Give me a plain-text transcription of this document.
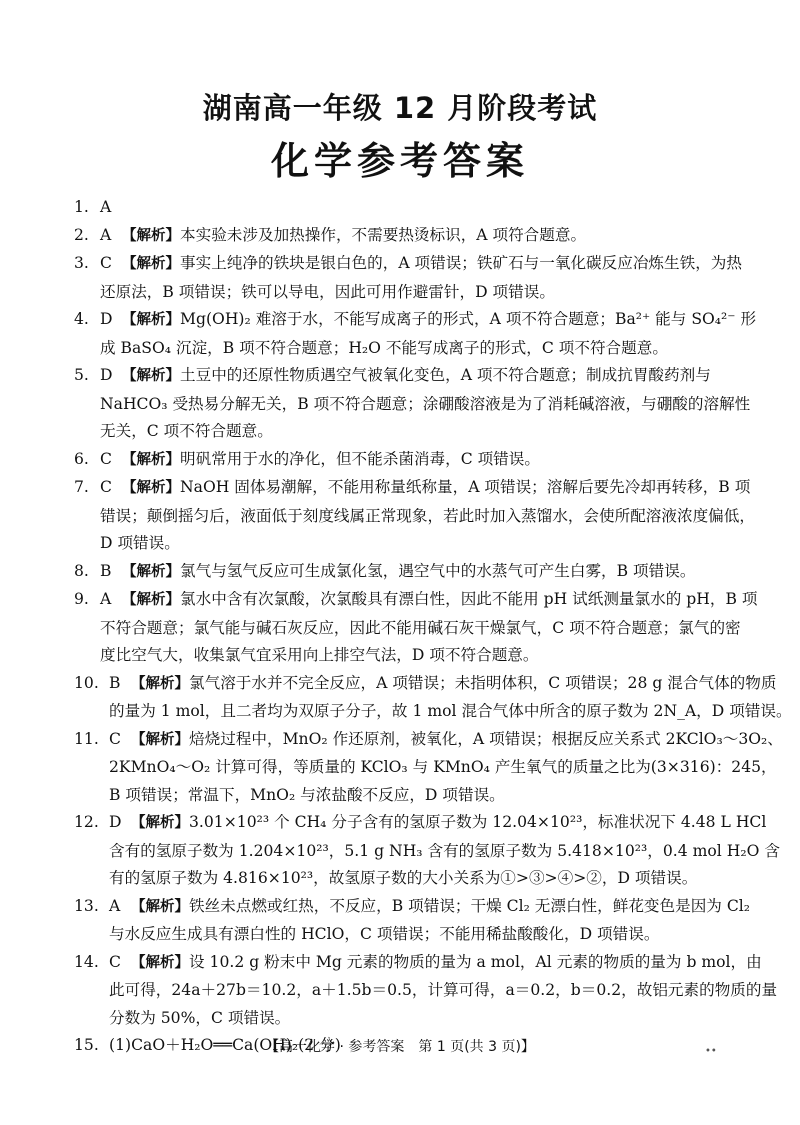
湖南高一年级 12 月阶段考试
化学参考答案
1. A
2. A 【解析】本实验未涉及加热操作，不需要热烫标识，A 项符合题意。
3. C 【解析】事实上纯净的铁块是银白色的，A 项错误；铁矿石与一氧化碳反应冶炼生铁，为热
还原法，B 项错误；铁可以导电，因此可用作避雷针，D 项错误。
4. D 【解析】Mg(OH)₂ 难溶于水，不能写成离子的形式，A 项不符合题意；Ba²⁺ 能与 SO₄²⁻ 形
成 BaSO₄ 沉淀，B 项不符合题意；H₂O 不能写成离子的形式，C 项不符合题意。
5. D 【解析】土豆中的还原性物质遇空气被氧化变色，A 项不符合题意；制成抗胃酸药剂与
NaHCO₃ 受热易分解无关，B 项不符合题意；涂硼酸溶液是为了消耗碱溶液，与硼酸的溶解性
无关，C 项不符合题意。
6. C 【解析】明矾常用于水的净化，但不能杀菌消毒，C 项错误。
7. C 【解析】NaOH 固体易潮解，不能用称量纸称量，A 项错误；溶解后要先冷却再转移，B 项
错误；颠倒摇匀后，液面低于刻度线属正常现象，若此时加入蒸馏水，会使所配溶液浓度偏低，
D 项错误。
8. B 【解析】氯气与氢气反应可生成氯化氢，遇空气中的水蒸气可产生白雾，B 项错误。
9. A 【解析】氯水中含有次氯酸，次氯酸具有漂白性，因此不能用 pH 试纸测量氯水的 pH，B 项
不符合题意；氯气能与碱石灰反应，因此不能用碱石灰干燥氯气，C 项不符合题意；氯气的密
度比空气大，收集氯气宜采用向上排空气法，D 项不符合题意。
10. B 【解析】氯气溶于水并不完全反应，A 项错误；未指明体积，C 项错误；28 g 混合气体的物质
的量为 1 mol，且二者均为双原子分子，故 1 mol 混合气体中所含的原子数为 2N_A，D 项错误。
11. C 【解析】焙烧过程中，MnO₂ 作还原剂，被氧化，A 项错误；根据反应关系式 2KClO₃～3O₂、
2KMnO₄～O₂ 计算可得，等质量的 KClO₃ 与 KMnO₄ 产生氧气的质量之比为(3×316)：245，
B 项错误；常温下，MnO₂ 与浓盐酸不反应，D 项错误。
12. D 【解析】3.01×10²³ 个 CH₄ 分子含有的氢原子数为 12.04×10²³，标准状况下 4.48 L HCl
含有的氢原子数为 1.204×10²³，5.1 g NH₃ 含有的氢原子数为 5.418×10²³，0.4 mol H₂O 含
有的氢原子数为 4.816×10²³，故氢原子数的大小关系为①>③>④>②，D 项错误。
13. A 【解析】铁丝未点燃或红热，不反应，B 项错误；干燥 Cl₂ 无漂白性，鲜花变色是因为 Cl₂
与水反应生成具有漂白性的 HClO，C 项错误；不能用稀盐酸酸化，D 项错误。
14. C 【解析】设 10.2 g 粉末中 Mg 元素的物质的量为 a mol，Al 元素的物质的量为 b mol，由
此可得，24a＋27b＝10.2，a＋1.5b＝0.5，计算可得，a＝0.2，b＝0.2，故铝元素的物质的量
分数为 50%，C 项错误。
15. (1)CaO＋H₂O══Ca(OH)₂(2 分)
【高一化学 · 参考答案　第 1 页(共 3 页)】	••
